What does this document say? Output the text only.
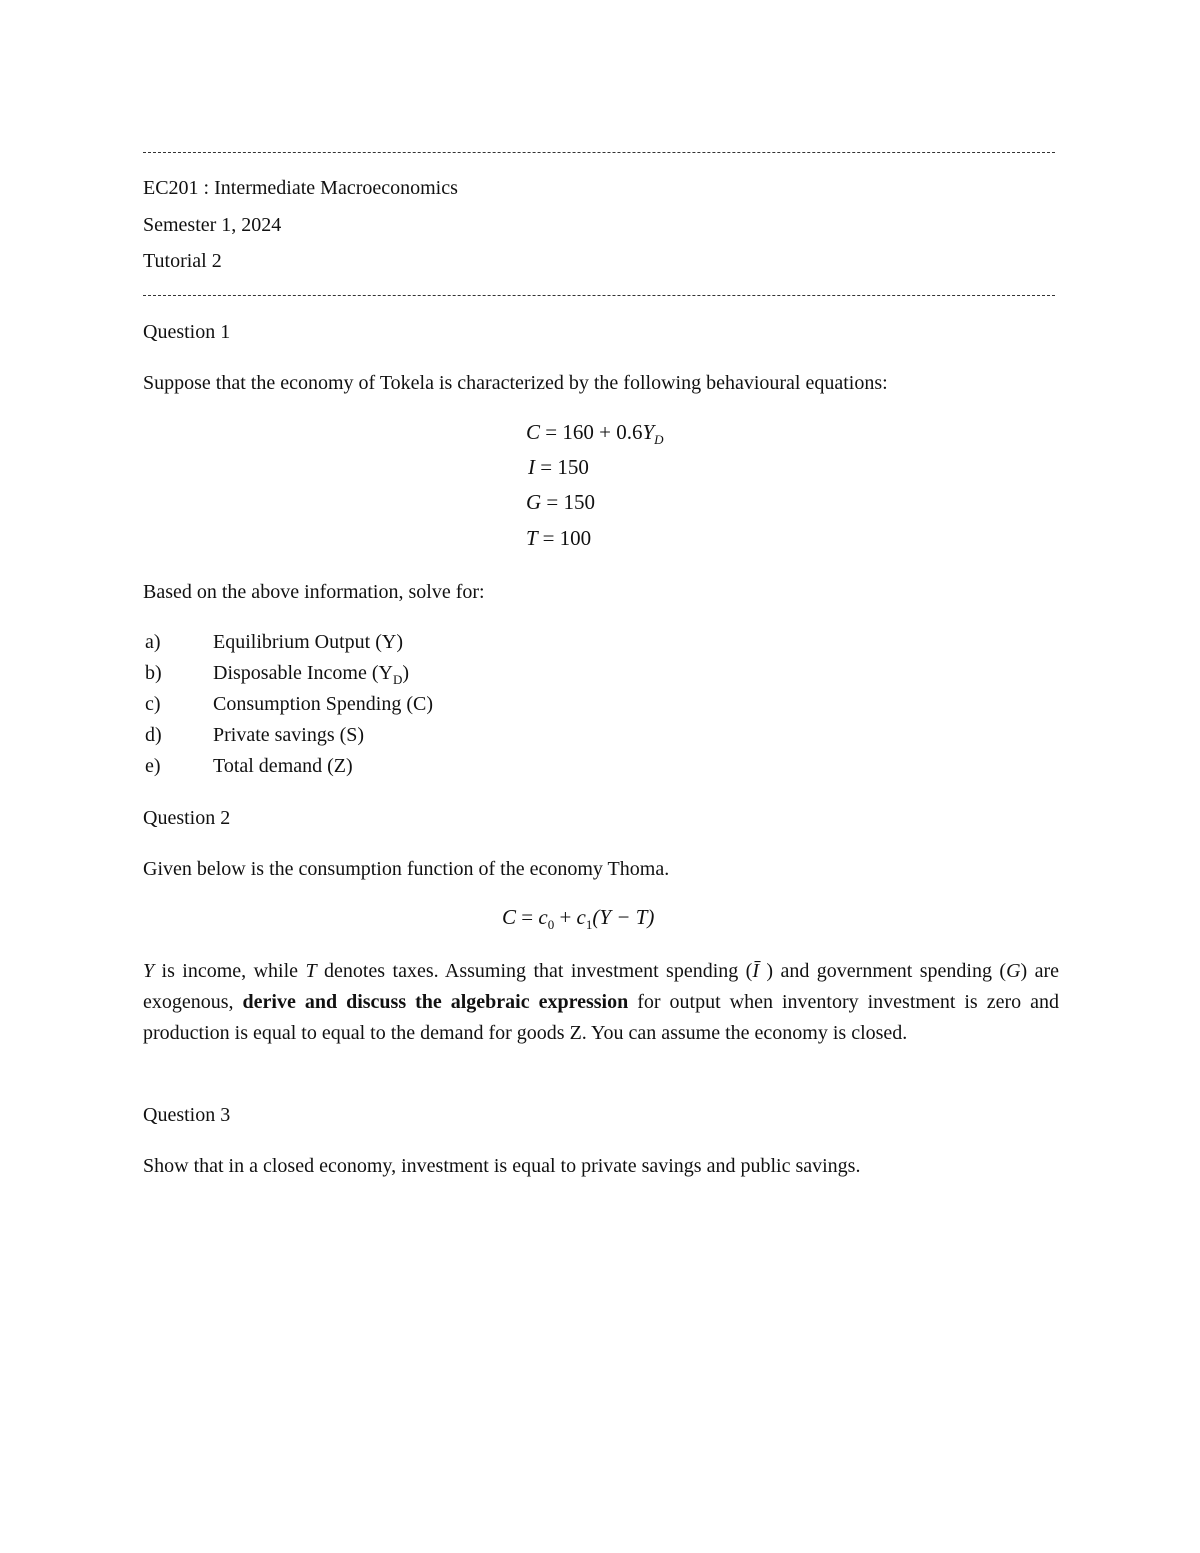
EC201 : Intermediate Macroeconomics
Semester 1, 2024
Tutorial 2
Question 1
Suppose that the economy of Tokela is characterized by the following behavioural equations:
$C = 160 + 0.6Y_D$
I = 150
G = 150
T = 100
Based on the above information, solve for:
a)	Equilibrium Output (Y)
b)	Disposable Income $(Y_D)$
c)	Consumption Spending (C)
d)	Private savings (S)
e)	Total demand (Z)
Question 2
Given below is the consumption function of the economy Thoma.
$C = c_0 + c_1(Y - T)$
Y is income, while T denotes taxes. Assuming that investment spending (Ī ) and government spending (G) are exogenous, derive and discuss the algebraic expression for output when inventory investment is zero and production is equal to equal to the demand for goods Z. You can assume the economy is closed.
Question 3
Show that in a closed economy, investment is equal to private savings and public savings.
